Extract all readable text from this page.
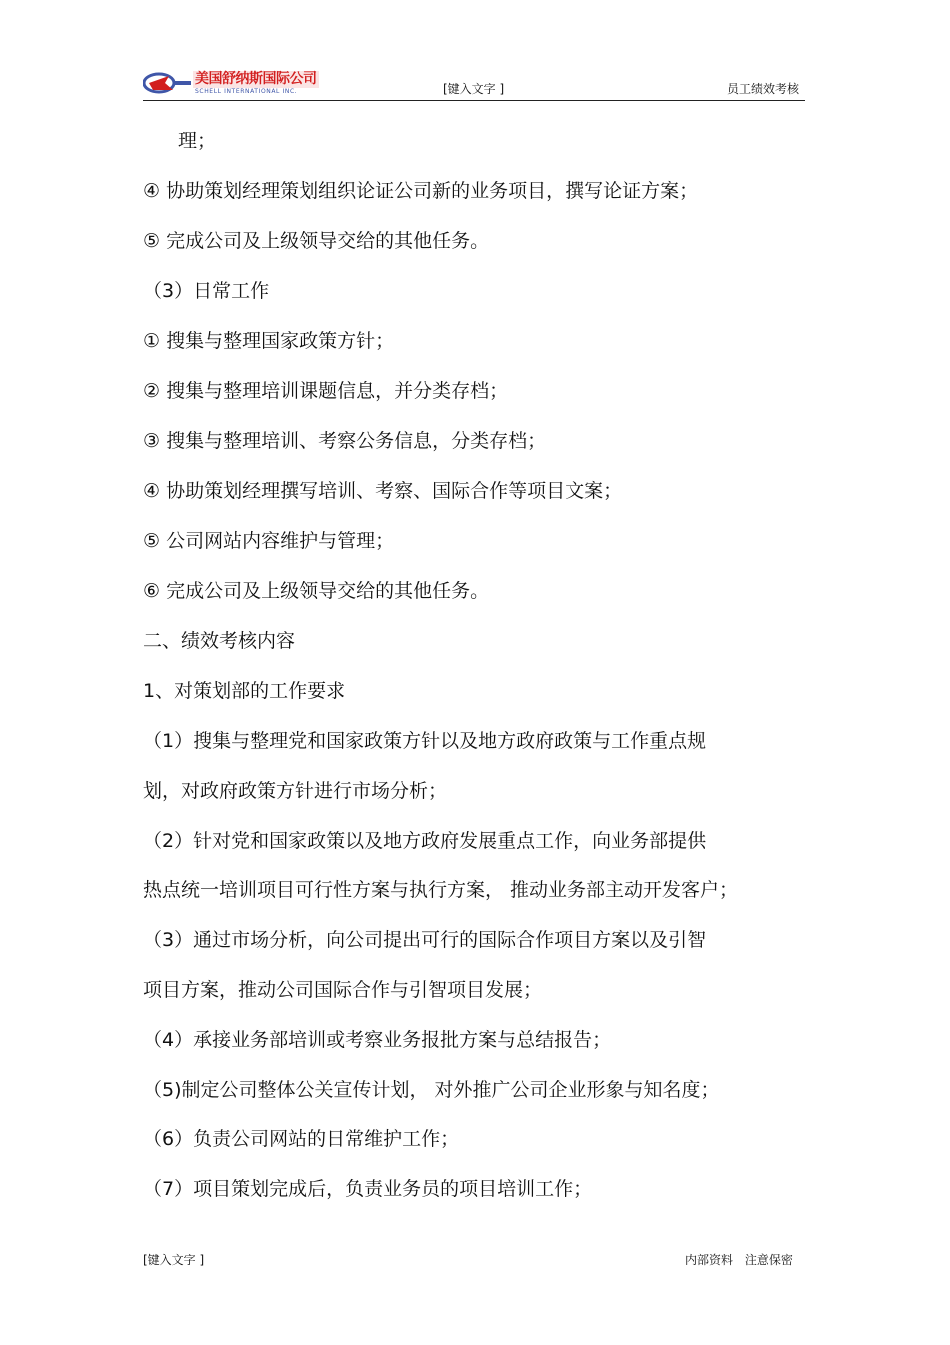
美国舒纳斯国际公司
SCHELL INTERNATIONAL INC.	[键入文字 ]	员工绩效考核
理；
④ 协助策划经理策划组织论证公司新的业务项目，撰写论证方案；
⑤ 完成公司及上级领导交给的其他任务。
（3）日常工作
① 搜集与整理国家政策方针；
② 搜集与整理培训课题信息，并分类存档；
③ 搜集与整理培训、考察公务信息，分类存档；
④ 协助策划经理撰写培训、考察、国际合作等项目文案；
⑤ 公司网站内容维护与管理；
⑥ 完成公司及上级领导交给的其他任务。
二、绩效考核内容
1、对策划部的工作要求
（1）搜集与整理党和国家政策方针以及地方政府政策与工作重点规
划，对政府政策方针进行市场分析；
（2）针对党和国家政策以及地方政府发展重点工作，向业务部提供
热点统一培训项目可行性方案与执行方案， 推动业务部主动开发客户；
（3）通过市场分析，向公司提出可行的国际合作项目方案以及引智
项目方案，推动公司国际合作与引智项目发展；
（4）承接业务部培训或考察业务报批方案与总结报告；
（5)制定公司整体公关宣传计划， 对外推广公司企业形象与知名度；
（6）负责公司网站的日常维护工作；
（7）项目策划完成后，负责业务员的项目培训工作；
[键入文字 ]	内部资料 注意保密
